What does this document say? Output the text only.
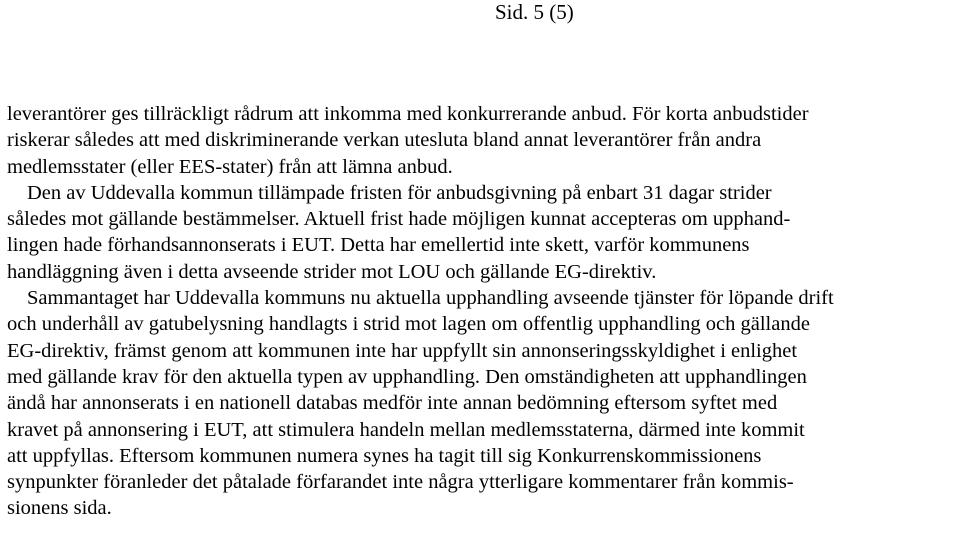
Sid. 5 (5)
leverantörer ges tillräckligt rådrum att inkomma med konkurrerande anbud. För korta anbudstider
riskerar således att med diskriminerande verkan utesluta bland annat leverantörer från andra
medlemsstater (eller EES-stater) från att lämna anbud.
Den av Uddevalla kommun tillämpade fristen för anbudsgivning på enbart 31 dagar strider
således mot gällande bestämmelser. Aktuell frist hade möjligen kunnat accepteras om upphand-
lingen hade förhandsannonserats i EUT. Detta har emellertid inte skett, varför kommunens
handläggning även i detta avseende strider mot LOU och gällande EG-direktiv.
Sammantaget har Uddevalla kommuns nu aktuella upphandling avseende tjänster för löpande drift
och underhåll av gatubelysning handlagts i strid mot lagen om offentlig upphandling och gällande
EG-direktiv, främst genom att kommunen inte har uppfyllt sin annonseringsskyldighet i enlighet
med gällande krav för den aktuella typen av upphandling. Den omständigheten att upphandlingen
ändå har annonserats i en nationell databas medför inte annan bedömning eftersom syftet med
kravet på annonsering i EUT, att stimulera handeln mellan medlemsstaterna, därmed inte kommit
att uppfyllas. Eftersom kommunen numera synes ha tagit till sig Konkurrenskommissionens
synpunkter föranleder det påtalade förfarandet inte några ytterligare kommentarer från kommis-
sionens sida.
